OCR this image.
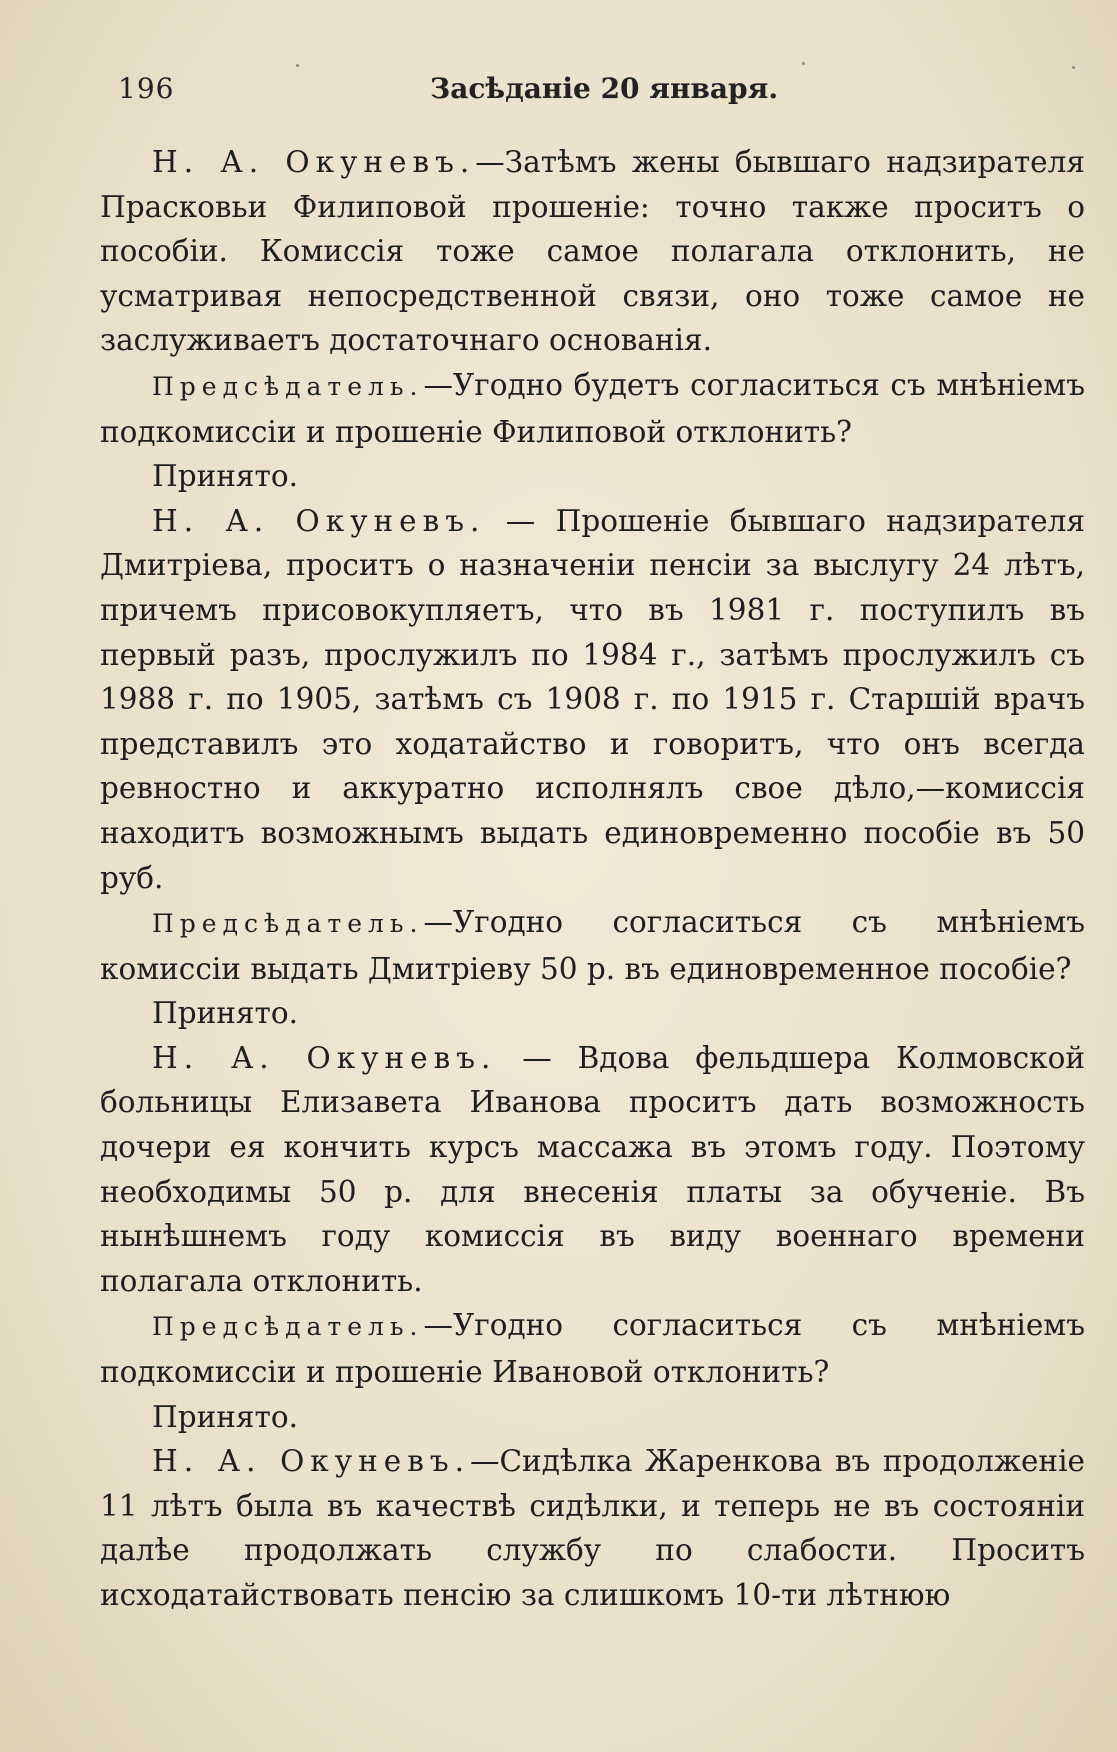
196	Засѣданіе 20 января.

Н. А. Окуневъ.—Затѣмъ жены бывшаго надзирателя Прасковьи Филиповой прошеніе: точно также проситъ о пособіи. Комиссія тоже самое полагала отклонить, не усматривая непосредственной связи, оно тоже самое не заслуживаетъ достаточнаго основанія.

Предсѣдатель.—Угодно будетъ согласиться съ мнѣніемъ подкомиссіи и прошеніе Филиповой отклонить?

Принято.

Н. А. Окуневъ. — Прошеніе бывшаго надзирателя Дмитріева, проситъ о назначеніи пенсіи за выслугу 24 лѣтъ, причемъ присовокупляетъ, что въ 1981 г. поступилъ въ первый разъ, прослужилъ по 1984 г., затѣмъ прослужилъ съ 1988 г. по 1905, затѣмъ съ 1908 г. по 1915 г. Старшій врачъ представилъ это ходатайство и говоритъ, что онъ всегда ревностно и аккуратно исполнялъ свое дѣло,—комиссія находитъ возможнымъ выдать единовременно пособіе въ 50 руб.

Предсѣдатель.—Угодно согласиться съ мнѣніемъ комиссіи выдать Дмитріеву 50 р. въ единовременное пособіе?

Принято.

Н. А. Окуневъ. — Вдова фельдшера Колмовской больницы Елизавета Иванова проситъ дать возможность дочери ея кончить курсъ массажа въ этомъ году. Поэтому необходимы 50 р. для внесенія платы за обученіе. Въ нынѣшнемъ году комиссія въ виду военнаго времени полагала отклонить.

Предсѣдатель.—Угодно согласиться съ мнѣніемъ подкомиссіи и прошеніе Ивановой отклонить?

Принято.

Н. А. Окуневъ.—Сидѣлка Жаренкова въ продолженіе 11 лѣтъ была въ качествѣ сидѣлки, и теперь не въ состояніи далѣе продолжать службу по слабости. Проситъ исходатайствовать пенсію за слишкомъ 10-ти лѣтнюю
